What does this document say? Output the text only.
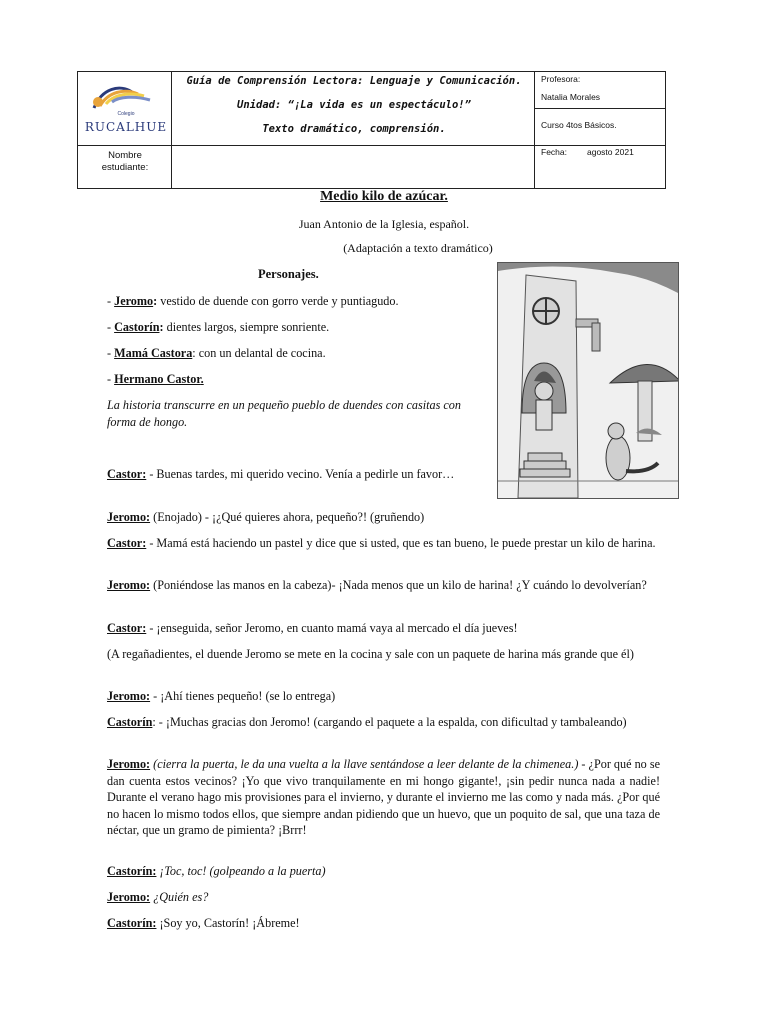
Colegio
RUCALHUE
Guía de Comprensión Lectora: Lenguaje y Comunicación.
Unidad: “¡La vida es un espectáculo!”
Texto dramático, comprensión.
Profesora:
Natalia Morales
Curso 4tos Básicos.
Fecha: agosto 2021
Nombre
estudiante:
Medio kilo de azúcar.
Juan Antonio de la Iglesia, español.
(Adaptación a texto dramático)
Personajes.
- Jeromo: vestido de duende con gorro verde y puntiagudo.
- Castorín: dientes largos, siempre sonriente.
- Mamá Castora: con un delantal de cocina.
- Hermano Castor.
La historia transcurre en un pequeño pueblo de duendes con casitas con forma de hongo.
Castor: - Buenas tardes, mi querido vecino. Venía a pedirle un favor…
Jeromo: (Enojado) - ¡¿Qué quieres ahora, pequeño?! (gruñendo)
Castor: - Mamá está haciendo un pastel y dice que si usted, que es tan bueno, le puede prestar un kilo de harina.
Jeromo: (Poniéndose las manos en la cabeza)- ¡Nada menos que un kilo de harina! ¿Y cuándo lo devolverían?
Castor: - ¡enseguida, señor Jeromo, en cuanto mamá vaya al mercado el día jueves!
(A regañadientes, el duende Jeromo se mete en la cocina y sale con un paquete de harina más grande que él)
Jeromo: - ¡Ahí tienes pequeño! (se lo entrega)
Castorín: - ¡Muchas gracias don Jeromo! (cargando el paquete a la espalda, con dificultad y tambaleando)
Jeromo: (cierra la puerta, le da una vuelta a la llave sentándose a leer delante de la chimenea.) - ¿Por qué no se dan cuenta estos vecinos? ¡Yo que vivo tranquilamente en mi hongo gigante!, ¡sin pedir nunca nada a nadie! Durante el verano hago mis provisiones para el invierno, y durante el invierno me las como y nada más. ¿Por qué no hacen lo mismo todos ellos, que siempre andan pidiendo que un huevo, que un poquito de sal, que una taza de néctar, que un gramo de pimienta? ¡Brrr!
Castorín: ¡Toc, toc! (golpeando a la puerta)
Jeromo: ¿Quién es?
Castorín: ¡Soy yo, Castorín! ¡Ábreme!
